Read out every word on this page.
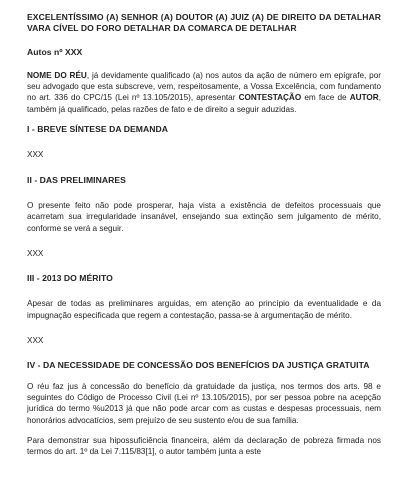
EXCELENTÍSSIMO (A) SENHOR (A) DOUTOR (A) JUIZ (A) DE DIREITO DA DETALHAR VARA CÍVEL DO FORO DETALHAR DA COMARCA DE DETALHAR

Autos nº XXX

NOME DO RÉU, já devidamente qualificado (a) nos autos da ação de número em epígrafe, por seu advogado que esta subscreve, vem, respeitosamente, a Vossa Excelência, com fundamento no art. 336 do CPC/15 (Lei nº 13.105/2015), apresentar CONTESTAÇÃO em face de AUTOR, também já qualificado, pelas razões de fato e de direito a seguir aduzidas.

I - BREVE SÍNTESE DA DEMANDA

XXX

II - DAS PRELIMINARES

O presente feito não pode prosperar, haja vista a existência de defeitos processuais que acarretam sua irregularidade insanável, ensejando sua extinção sem julgamento de mérito, conforme se verá a seguir.

XXX

III - 2013 DO MÉRITO

Apesar de todas as preliminares arguidas, em atenção ao princípio da eventualidade e da impugnação especificada que regem a contestação, passa-se à argumentação de mérito.

XXX

IV - DA NECESSIDADE DE CONCESSÃO DOS BENEFÍCIOS DA JUSTIÇA GRATUITA

O réu faz jus à concessão do benefício da gratuidade da justiça, nos termos dos arts. 98 e seguintes do Código de Processo Civil (Lei nº 13.105/2015), por ser pessoa pobre na acepção jurídica do termo %u2013 já que não pode arcar com as custas e despesas processuais, nem honorários advocatícios, sem prejuízo de seu sustento e/ou de sua família.

Para demonstrar sua hipossuficiência financeira, além da declaração de pobreza firmada nos termos do art. 1º da Lei 7.115/83[1], o autor também junta a este
